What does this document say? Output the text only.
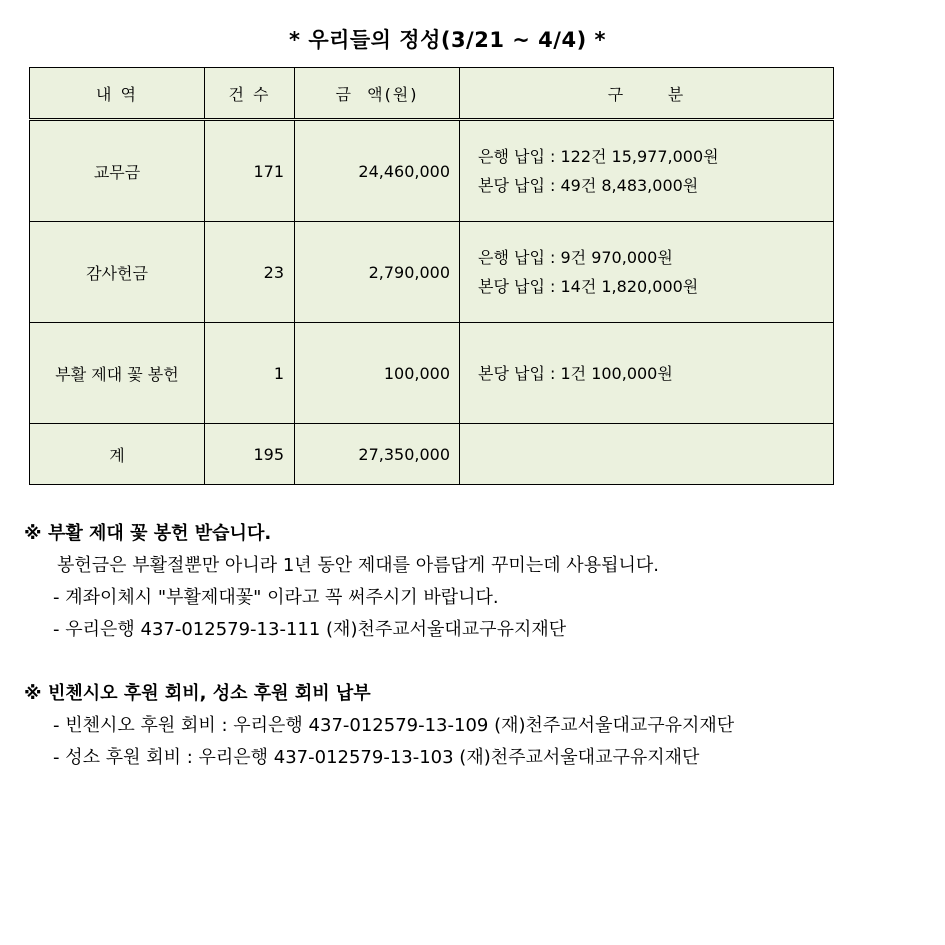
* 우리들의 정성(3/21 ~ 4/4) *
내 역	건 수	금  액(원)	구      분
교무금	171	24,460,000	은행 납입 : 122건 15,977,000원
본당 납입 : 49건 8,483,000원

감사헌금	23	2,790,000	은행 납입 : 9건 970,000원
본당 납입 : 14건 1,820,000원

부활 제대 꽃 봉헌	1	100,000	본당 납입 : 1건 100,000원

계	195	27,350,000	
※ 부활 제대 꽃 봉헌 받습니다.
봉헌금은 부활절뿐만 아니라 1년 동안 제대를 아름답게 꾸미는데 사용됩니다.
- 계좌이체시 "부활제대꽃" 이라고 꼭 써주시기 바랍니다.
- 우리은행 437-012579-13-111 (재)천주교서울대교구유지재단
※ 빈첸시오 후원 회비, 성소 후원 회비 납부
- 빈첸시오 후원 회비 : 우리은행 437-012579-13-109 (재)천주교서울대교구유지재단
- 성소 후원 회비 : 우리은행 437-012579-13-103 (재)천주교서울대교구유지재단
